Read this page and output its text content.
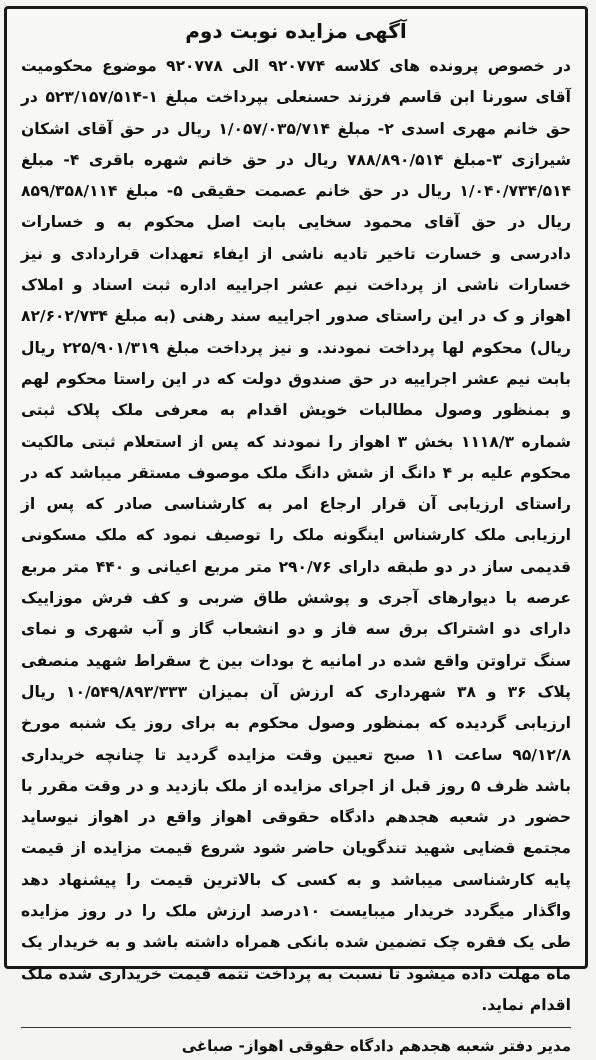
آگهی مزایده نوبت دوم

در خصوص پرونده های کلاسه ۹۲۰۷۷۴ الی ۹۲۰۷۷۸ موضوع محکومیت آقای سورنا ابن قاسم فرزند حسنعلی بپرداخت مبلغ ۱-۵۲۳/۱۵۷/۵۱۴ در حق خانم مهری اسدی ۲- مبلغ ۱/۰۵۷/۰۳۵/۷۱۴ ریال در حق آقای اشکان شیرازی ۳-مبلغ ۷۸۸/۸۹۰/۵۱۴ ریال در حق خانم شهره باقری ۴- مبلغ ۱/۰۴۰/۷۳۴/۵۱۴ ریال در حق خانم عصمت حقیقی ۵- مبلغ ۸۵۹/۳۵۸/۱۱۴ ریال در حق آقای محمود سخایی بابت اصل محکوم به و خسارات دادرسی و خسارت تاخیر تادیه ناشی از ایفاء تعهدات قراردادی و نیز خسارات ناشی از پرداخت نیم عشر اجراییه اداره ثبت اسناد و املاک اهواز و ک در این راستای صدور اجراییه سند رهنی (به مبلغ ۸۲/۶۰۲/۷۳۴ ریال) محکوم لها پرداخت نمودند. و نیز پرداخت مبلغ ۲۲۵/۹۰۱/۳۱۹ ریال بابت نیم عشر اجراییه در حق صندوق دولت که در این راستا محکوم لهم و بمنظور وصول مطالبات خویش اقدام به معرفی ملک پلاک ثبتی شماره ۱۱۱۸/۳ بخش ۳ اهواز را نمودند که پس از استعلام ثبتی مالکیت محکوم علیه بر ۴ دانگ از شش دانگ ملک موصوف مستقر میباشد که در راستای ارزیابی آن قرار ارجاع امر به کارشناسی صادر که پس از ارزیابی ملک کارشناس اینگونه ملک را توصیف نمود که ملک مسکونی قدیمی ساز در دو طبقه دارای ۲۹۰/۷۶ متر مربع اعیانی و ۴۴۰ متر مربع عرصه با دیوارهای آجری و پوشش طاق ضربی و کف فرش موزاییک دارای دو اشتراک برق سه فاز و دو انشعاب گاز و آب شهری و نمای سنگ تراوتن واقع شده در امانیه خ بودات بین خ سقراط شهید منصفی پلاک ۳۶ و ۳۸ شهرداری که ارزش آن بمیزان ۱۰/۵۴۹/۸۹۳/۳۳۳ ریال ارزیابی گردیده که بمنظور وصول محکوم به برای روز یک شنبه مورخ ۹۵/۱۲/۸ ساعت ۱۱ صبح تعیین وقت مزایده گردید تا چنانچه خریداری باشد ظرف ۵ روز قبل از اجرای مزایده از ملک بازدید و در وقت مقرر با حضور در شعبه هجدهم دادگاه حقوقی اهواز واقع در اهواز نیوساید مجتمع قضایی شهید تندگویان حاضر شود شروع قیمت مزایده از قیمت پایه کارشناسی میباشد و به کسی ک بالاترین قیمت را پیشنهاد دهد واگذار میگردد خریدار میبایست ۱۰درصد ارزش ملک را در روز مزایده طی یک فقره چک تضمین شده بانکی همراه داشته باشد و به خریدار یک ماه مهلت داده میشود تا نسبت به پرداخت تتمه قیمت خریداری شده ملک اقدام نماید.

مدیر دفتر شعبه هجدهم دادگاه حقوقی اهواز- صباغی
